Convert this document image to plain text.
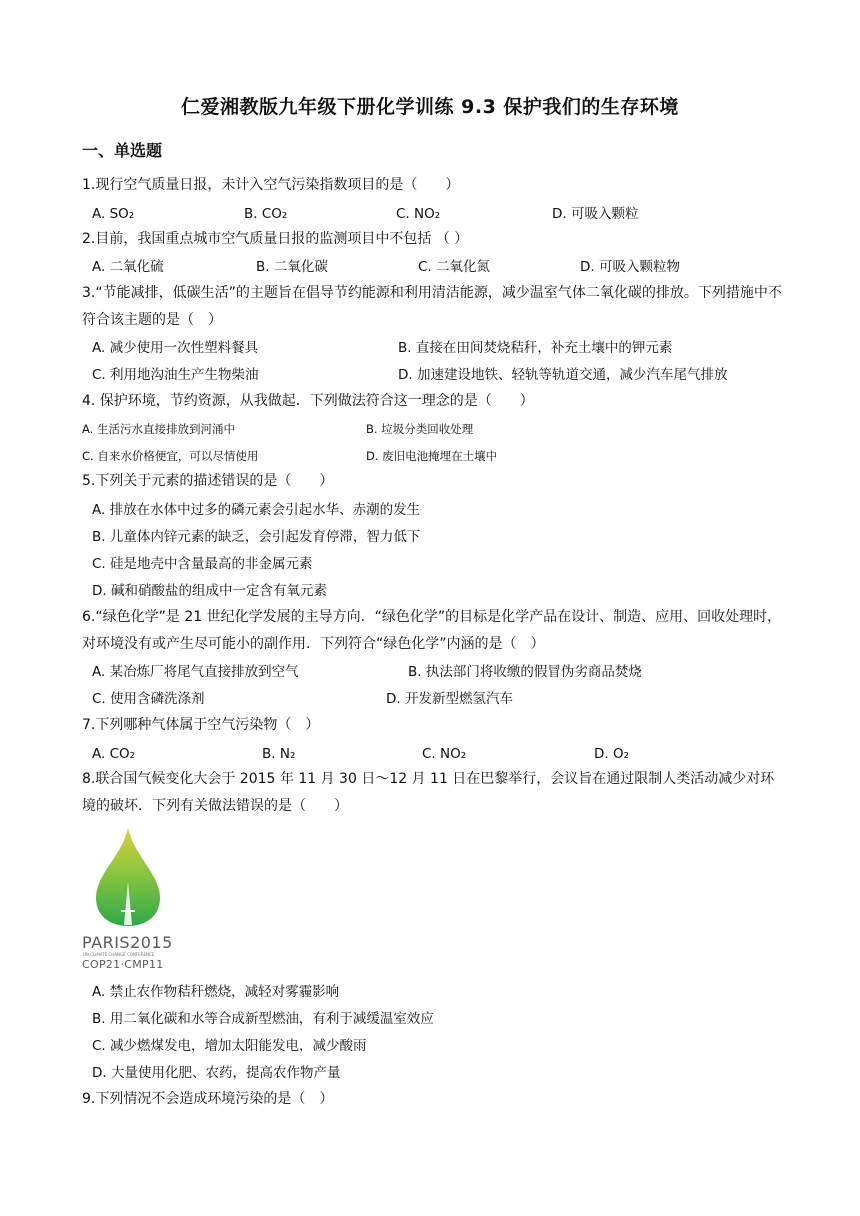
仁爱湘教版九年级下册化学训练 9.3 保护我们的生存环境
一、单选题
1.现行空气质量日报，未计入空气污染指数项目的是（　　）
A. SO₂	B. CO₂	C. NO₂	D. 可吸入颗粒
2.目前，我国重点城市空气质量日报的监测项目中不包括 （ ）
A. 二氧化硫	B. 二氧化碳	C. 二氧化氮	D. 可吸入颗粒物
3.“节能减排，低碳生活”的主题旨在倡导节约能源和利用清洁能源，减少温室气体二氧化碳的排放。下列措施中不符合该主题的是（　）
A. 减少使用一次性塑料餐具	B. 直接在田间焚烧秸秆，补充土壤中的钾元素
C. 利用地沟油生产生物柴油	D. 加速建设地铁、轻轨等轨道交通，减少汽车尾气排放
4. 保护环境，节约资源，从我做起．下列做法符合这一理念的是（　　）
A. 生活污水直接排放到河涌中	B. 垃圾分类回收处理
C. 自来水价格便宜，可以尽情使用	D. 废旧电池掩埋在土壤中
5.下列关于元素的描述错误的是（　　）
A. 排放在水体中过多的磷元素会引起水华、赤潮的发生
B. 儿童体内锌元素的缺乏，会引起发育停滞，智力低下
C. 硅是地壳中含量最高的非金属元素
D. 碱和硝酸盐的组成中一定含有氧元素
6.“绿色化学”是 21 世纪化学发展的主导方向．“绿色化学”的目标是化学产品在设计、制造、应用、回收处理时，对环境没有或产生尽可能小的副作用．下列符合“绿色化学”内涵的是（　）
A. 某冶炼厂将尾气直接排放到空气	B. 执法部门将收缴的假冒伪劣商品焚烧
C. 使用含磷洗涤剂	D. 开发新型燃氢汽车
7.下列哪种气体属于空气污染物（　）
A. CO₂	B. N₂	C. NO₂	D. O₂
8.联合国气候变化大会于 2015 年 11 月 30 日～12 月 11 日在巴黎举行，会议旨在通过限制人类活动减少对环境的破坏．下列有关做法错误的是（　　）
PARIS2015
UN CLIMATE CHANGE CONFERENCE
COP21·CMP11
A. 禁止农作物秸秆燃烧，减轻对雾霾影响
B. 用二氧化碳和水等合成新型燃油，有利于减缓温室效应
C. 减少燃煤发电，增加太阳能发电，减少酸雨
D. 大量使用化肥、农药，提高农作物产量
9.下列情况不会造成环境污染的是（　）
